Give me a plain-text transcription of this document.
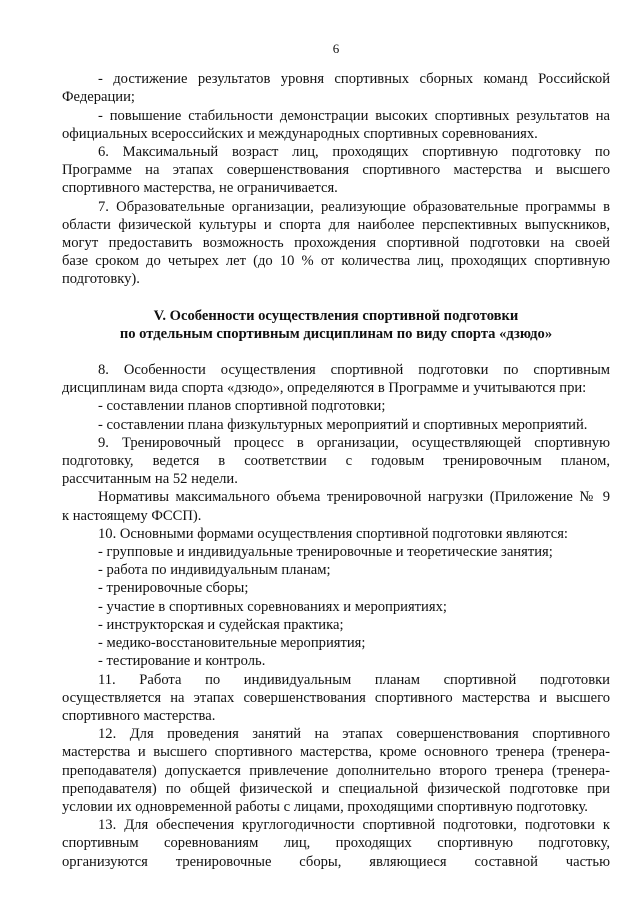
6
- достижение результатов уровня спортивных сборных команд Российской
Федерации;
- повышение стабильности демонстрации высоких спортивных результатов на
официальных всероссийских и международных спортивных соревнованиях.
6. Максимальный возраст лиц, проходящих спортивную подготовку по
Программе на этапах совершенствования спортивного мастерства и высшего
спортивного мастерства, не ограничивается.
7. Образовательные организации, реализующие образовательные программы в
области физической культуры и спорта для наиболее перспективных выпускников,
могут предоставить возможность прохождения спортивной подготовки на своей
базе сроком до четырех лет (до 10 % от количества лиц, проходящих спортивную
подготовку).
V. Особенности осуществления спортивной подготовки
по отдельным спортивным дисциплинам по виду спорта «дзюдо»
8. Особенности осуществления спортивной подготовки по спортивным
дисциплинам вида спорта «дзюдо», определяются в Программе и учитываются при:
- составлении планов спортивной подготовки;
- составлении плана физкультурных мероприятий и спортивных мероприятий.
9. Тренировочный процесс в организации, осуществляющей спортивную
подготовку, ведется в соответствии с годовым тренировочным планом,
рассчитанным на 52 недели.
Нормативы максимального объема тренировочной нагрузки (Приложение № 9
к настоящему ФССП).
10. Основными формами осуществления спортивной подготовки являются:
- групповые и индивидуальные тренировочные и теоретические занятия;
- работа по индивидуальным планам;
- тренировочные сборы;
- участие в спортивных соревнованиях и мероприятиях;
- инструкторская и судейская практика;
- медико-восстановительные мероприятия;
- тестирование и контроль.
11. Работа по индивидуальным планам спортивной подготовки
осуществляется на этапах совершенствования спортивного мастерства и высшего
спортивного мастерства.
12. Для проведения занятий на этапах совершенствования спортивного
мастерства и высшего спортивного мастерства, кроме основного тренера (тренера-
преподавателя) допускается привлечение дополнительно второго тренера (тренера-
преподавателя) по общей физической и специальной физической подготовке при
условии их одновременной работы с лицами, проходящими спортивную подготовку.
13. Для обеспечения круглогодичности спортивной подготовки, подготовки к
спортивным соревнованиям лиц, проходящих спортивную подготовку,
организуются тренировочные сборы, являющиеся составной частью
